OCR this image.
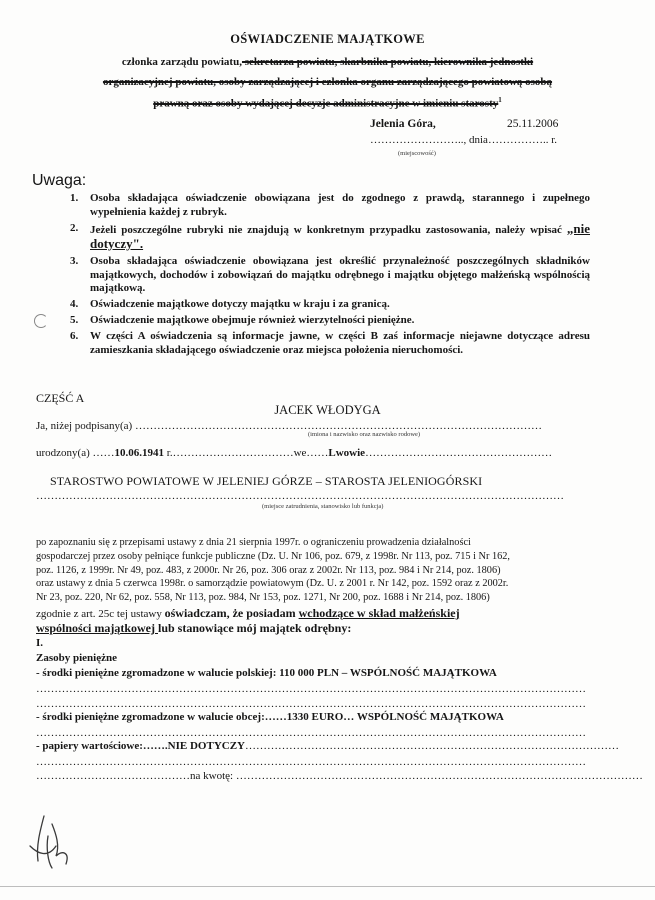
OŚWIADCZENIE MAJĄTKOWE
członka zarządu powiatu, sekretarza powiatu, skarbnika powiatu, kierownika jednostki
organizacyjnej powiatu, osoby zarządzającej i członka organu zarządzającego powiatową osobą
prawną oraz osoby wydającej decyzje administracyjne w imieniu starosty$^1$
Jelenia Góra,	25.11.2006
…………………….., dnia…………….. r.
(miejscowość)
Uwaga:
1.	Osoba składająca oświadczenie obowiązana jest do zgodnego z prawdą, starannego i zupełnego wypełnienia każdej z rubryk.
2.	Jeżeli poszczególne rubryki nie znajdują w konkretnym przypadku zastosowania, należy wpisać „nie dotyczy".
3.	Osoba składająca oświadczenie obowiązana jest określić przynależność poszczególnych składników majątkowych, dochodów i zobowiązań do majątku odrębnego i majątku objętego małżeńską wspólnością majątkową.
4.	Oświadczenie majątkowe dotyczy majątku w kraju i za granicą.
5.	Oświadczenie majątkowe obejmuje również wierzytelności pieniężne.
6.	W części A oświadczenia są informacje jawne, w części B zaś informacje niejawne dotyczące adresu zamieszkania składającego oświadczenie oraz miejsca położenia nieruchomości.
CZĘŚĆ A
JACEK WŁODYGA
Ja, niżej podpisany(a) …………………………………………………………………………………………………
(imiona i nazwisko oraz nazwisko rodowe)
urodzony(a) ……10.06.1941 r.……………………………we……Lwowie……………………………………………
STAROSTWO POWIATOWE W JELENIEJ GÓRZE – STAROSTA JELENIOGÓRSKI
………………………………………………………………………………………………………………………………
(miejsce zatrudnienia, stanowisko lub funkcja)

po zapoznaniu się z przepisami ustawy z dnia 21 sierpnia 1997r. o ograniczeniu prowadzenia działalności

gospodarczej przez osoby pełniące funkcje publiczne (Dz. U. Nr 106, poz. 679, z 1998r. Nr 113, poz. 715 i Nr 162,

poz. 1126, z 1999r. Nr 49, poz. 483, z 2000r. Nr 26, poz. 306 oraz z 2002r. Nr 113, poz. 984 i Nr 214, poz. 1806)

oraz ustawy z dnia 5 czerwca 1998r. o samorządzie powiatowym (Dz. U. z 2001 r. Nr 142, poz. 1592 oraz z 2002r.

Nr 23, poz. 220, Nr 62, poz. 558, Nr 113, poz. 984, Nr 153, poz. 1271, Nr 200, poz. 1688 i Nr 214, poz. 1806)

zgodnie z art. 25c tej ustawy oświadczam, że posiadam wchodzące w skład małżeńskiej
wspólności majątkowej lub stanowiące mój majątek odrębny:
I.
Zasoby pieniężne
- środki pieniężne zgromadzone w walucie polskiej: 110 000 PLN – WSPÓLNOŚĆ MAJĄTKOWA
……………………………………………………………………………………………………………………………………
……………………………………………………………………………………………………………………………………
- środki pieniężne zgromadzone w walucie obcej:……1330 EURO… WSPÓLNOŚĆ MAJĄTKOWA
……………………………………………………………………………………………………………………………………
- papiery wartościowe:…….NIE DOTYCZY…………………………………………………………………………………………
……………………………………………………………………………………………………………………………………
……………………………………na kwotę: …………………………………………………………………………………………………
